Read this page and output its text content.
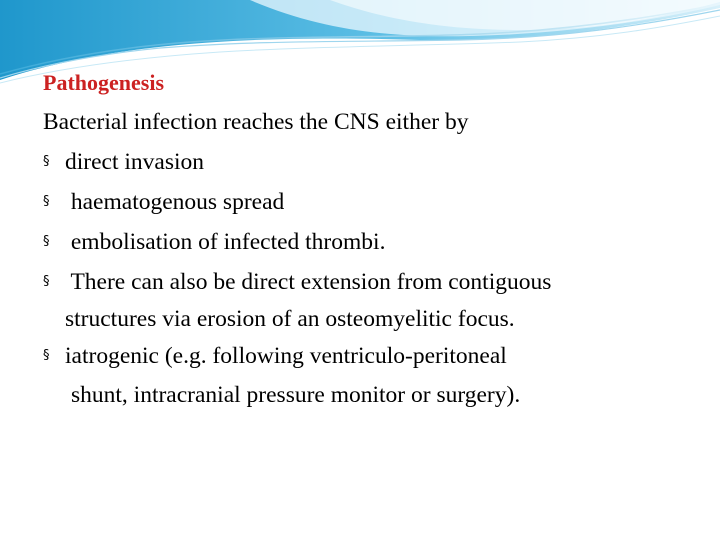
Pathogenesis
Bacterial infection reaches the CNS either by
§ direct invasion
§ haematogenous spread
§ embolisation of infected thrombi.
§ There can also be direct extension from contiguous
structures via erosion of an osteomyelitic focus.
§ iatrogenic (e.g. following ventriculo-peritoneal
shunt, intracranial pressure monitor or surgery).
